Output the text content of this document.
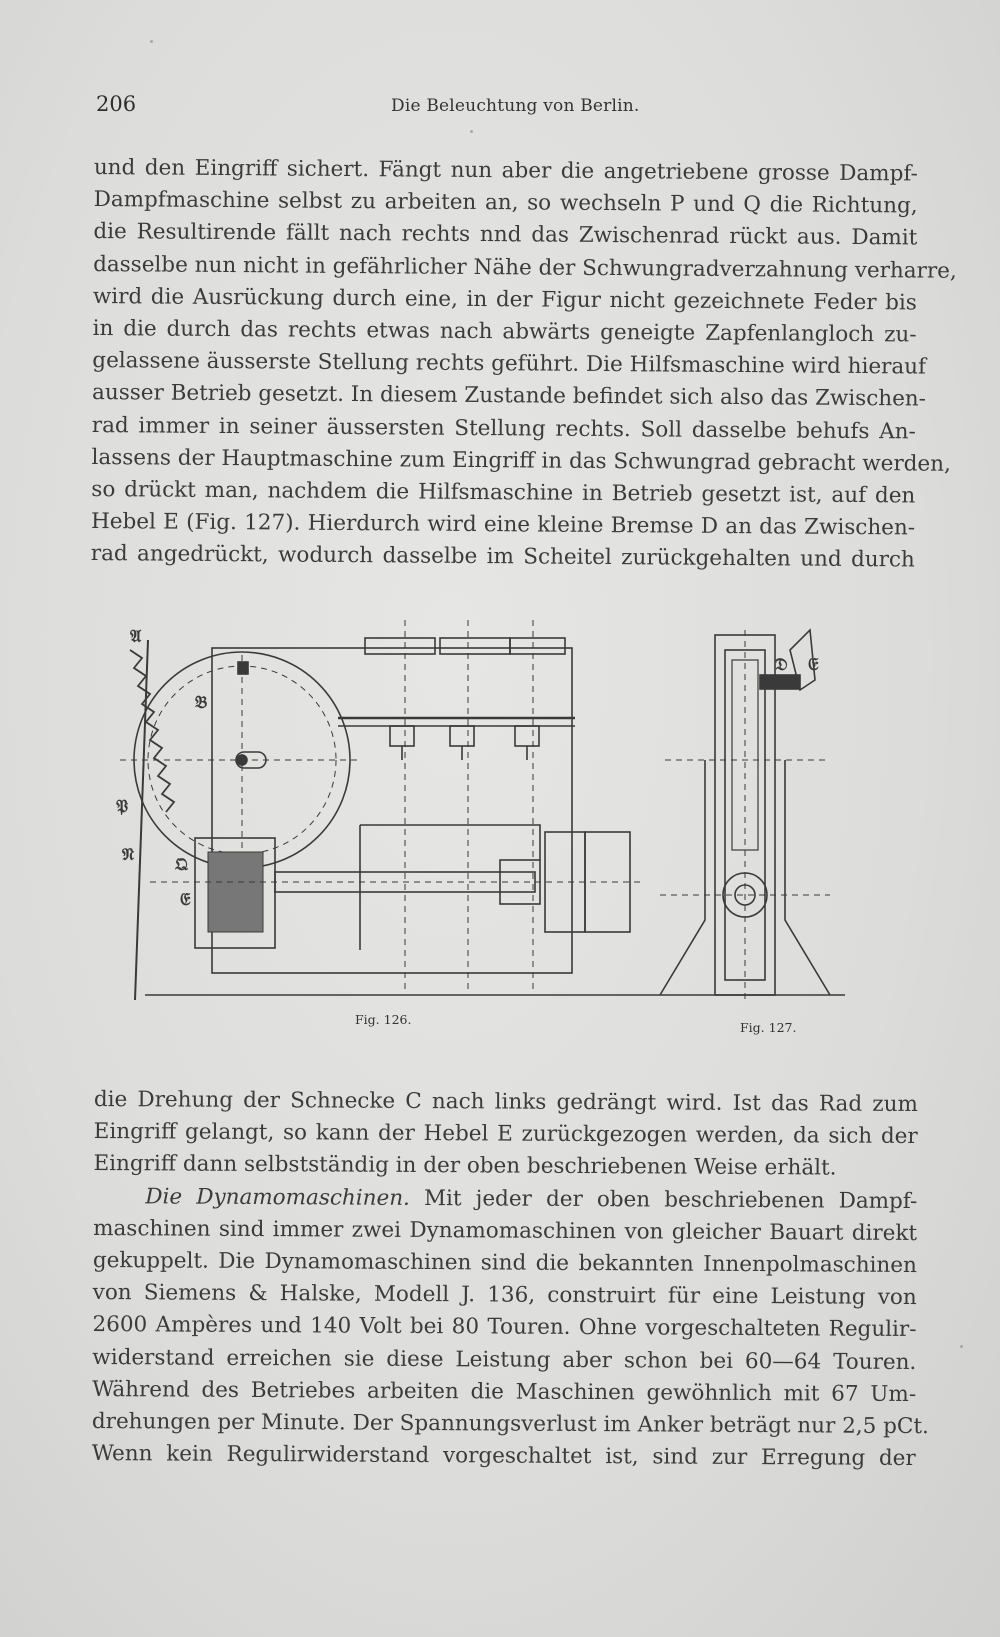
206	Die Beleuchtung von Berlin.
und den Eingriff sichert. Fängt nun aber die angetriebene grosse Dampf-
Dampfmaschine selbst zu arbeiten an, so wechseln P und Q die Richtung,
die Resultirende fällt nach rechts nnd das Zwischenrad rückt aus. Damit
dasselbe nun nicht in gefährlicher Nähe der Schwungradverzahnung verharre,
wird die Ausrückung durch eine, in der Figur nicht gezeichnete Feder bis
in die durch das rechts etwas nach abwärts geneigte Zapfenlangloch zu-
gelassene äusserste Stellung rechts geführt. Die Hilfsmaschine wird hierauf
ausser Betrieb gesetzt. In diesem Zustande befindet sich also das Zwischen-
rad immer in seiner äussersten Stellung rechts. Soll dasselbe behufs An-
lassens der Hauptmaschine zum Eingriff in das Schwungrad gebracht werden,
so drückt man, nachdem die Hilfsmaschine in Betrieb gesetzt ist, auf den
Hebel E (Fig. 127). Hierdurch wird eine kleine Bremse D an das Zwischen-
rad angedrückt, wodurch dasselbe im Scheitel zurückgehalten und durch
𝔄
𝔅
𝔓
𝔑 𝔔
𝔈
𝔇 𝔈
Fig. 126.
Fig. 127.
die Drehung der Schnecke C nach links gedrängt wird. Ist das Rad zum
Eingriff gelangt, so kann der Hebel E zurückgezogen werden, da sich der
Eingriff dann selbstständig in der oben beschriebenen Weise erhält.
Die Dynamomaschinen. Mit jeder der oben beschriebenen Dampf-
maschinen sind immer zwei Dynamomaschinen von gleicher Bauart direkt
gekuppelt. Die Dynamomaschinen sind die bekannten Innenpolmaschinen
von Siemens & Halske, Modell J. 136, construirt für eine Leistung von
2600 Ampères und 140 Volt bei 80 Touren. Ohne vorgeschalteten Regulir-
widerstand erreichen sie diese Leistung aber schon bei 60—64 Touren.
Während des Betriebes arbeiten die Maschinen gewöhnlich mit 67 Um-
drehungen per Minute. Der Spannungsverlust im Anker beträgt nur 2,5 pCt.
Wenn kein Regulirwiderstand vorgeschaltet ist, sind zur Erregung der
